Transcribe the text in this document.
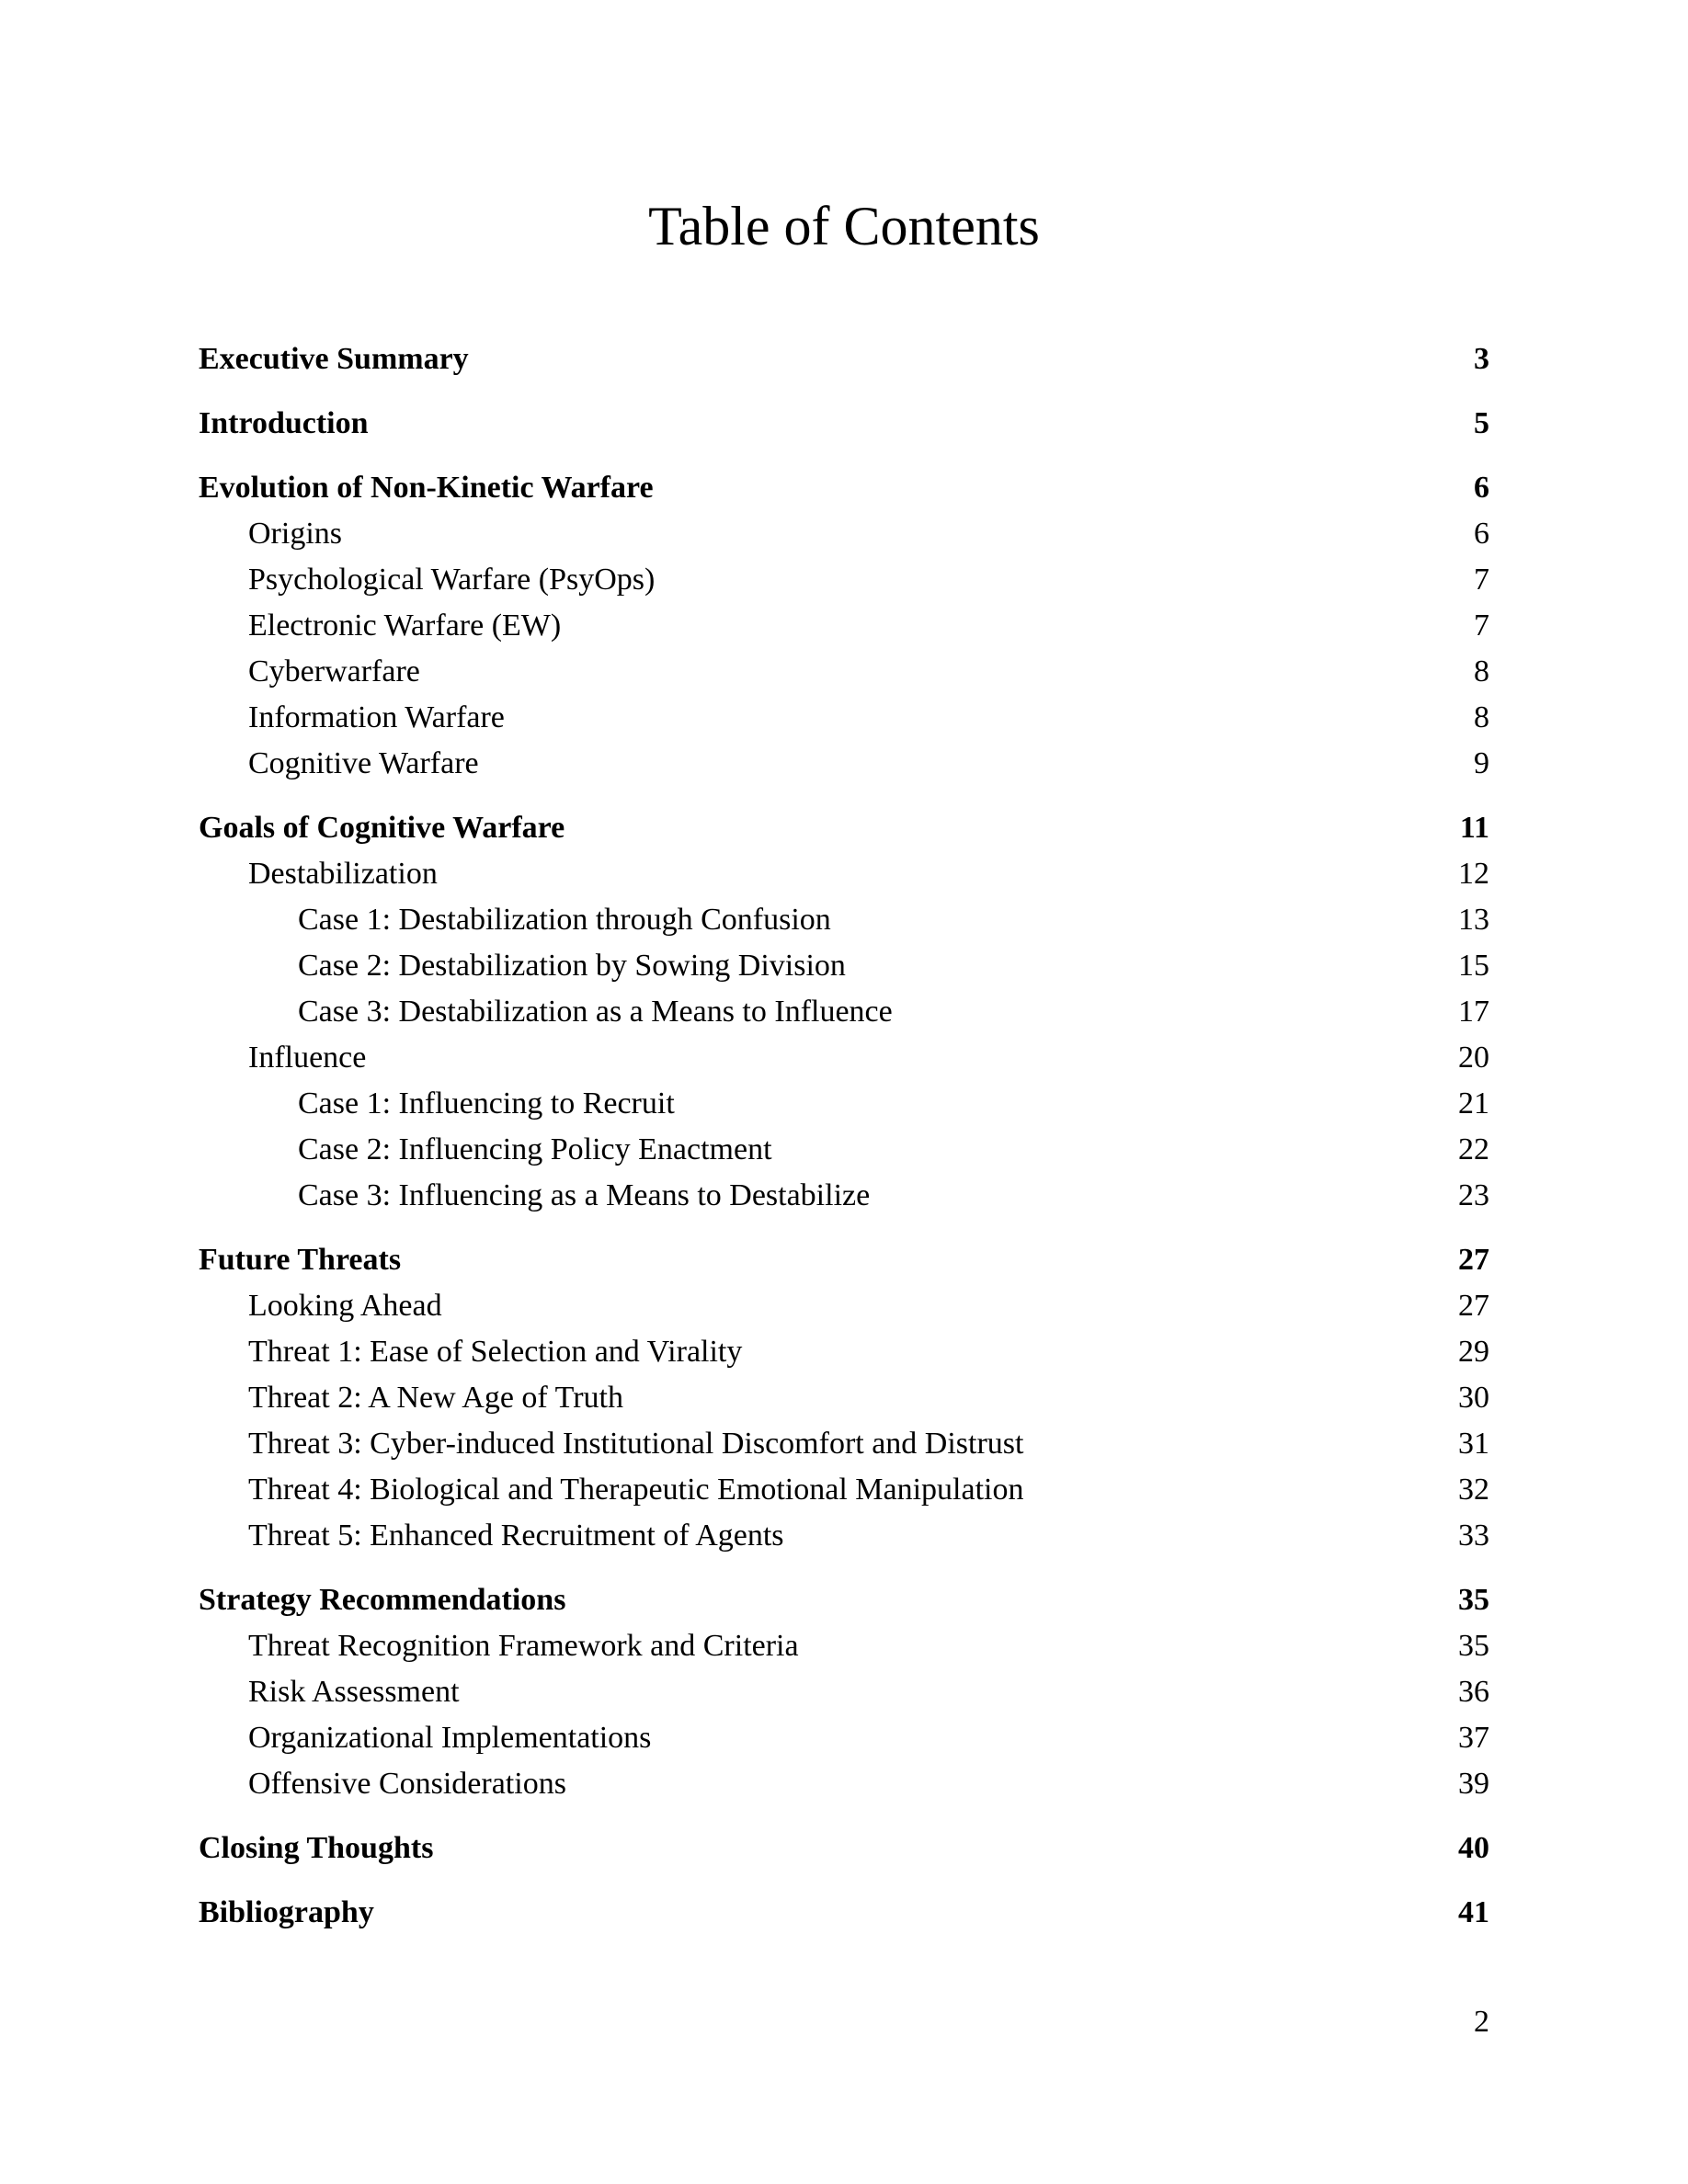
Table of Contents
Executive Summary	3
Introduction	5
Evolution of Non-Kinetic Warfare	6
Origins	6
Psychological Warfare (PsyOps)	7
Electronic Warfare (EW)	7
Cyberwarfare	8
Information Warfare	8
Cognitive Warfare	9
Goals of Cognitive Warfare	11
Destabilization	12
Case 1: Destabilization through Confusion	13
Case 2: Destabilization by Sowing Division	15
Case 3: Destabilization as a Means to Influence	17
Influence	20
Case 1: Influencing to Recruit	21
Case 2: Influencing Policy Enactment	22
Case 3: Influencing as a Means to Destabilize	23
Future Threats	27
Looking Ahead	27
Threat 1: Ease of Selection and Virality	29
Threat 2: A New Age of Truth	30
Threat 3: Cyber-induced Institutional Discomfort and Distrust	31
Threat 4: Biological and Therapeutic Emotional Manipulation	32
Threat 5: Enhanced Recruitment of Agents	33
Strategy Recommendations	35
Threat Recognition Framework and Criteria	35
Risk Assessment	36
Organizational Implementations	37
Offensive Considerations	39
Closing Thoughts	40
Bibliography	41
2
